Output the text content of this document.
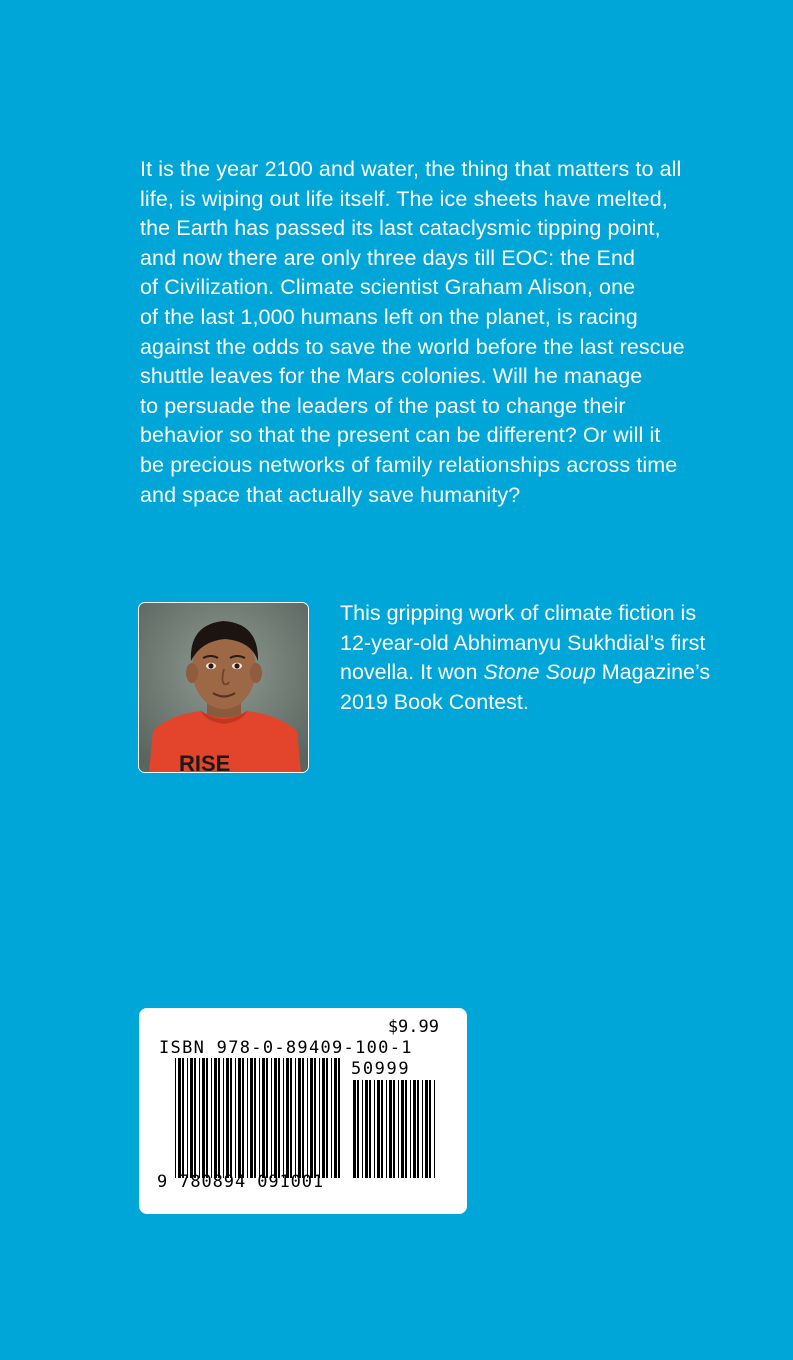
It is the year 2100 and water, the thing that matters to all
life, is wiping out life itself. The ice sheets have melted,
the Earth has passed its last cataclysmic tipping point,
and now there are only three days till EOC: the End
of Civilization. Climate scientist Graham Alison, one
of the last 1,000 humans left on the planet, is racing
against the odds to save the world before the last rescue
shuttle leaves for the Mars colonies. Will he manage
to persuade the leaders of the past to change their
behavior so that the present can be different? Or will it
be precious networks of family relationships across time
and space that actually save humanity?

RISE

This gripping work of climate fiction is
12-year-old Abhimanyu Sukhdial’s first
novella. It won Stone Soup Magazine’s
2019 Book Contest.

$9.99
ISBN 978-0-89409-100-1
50999
9 780894 091001
